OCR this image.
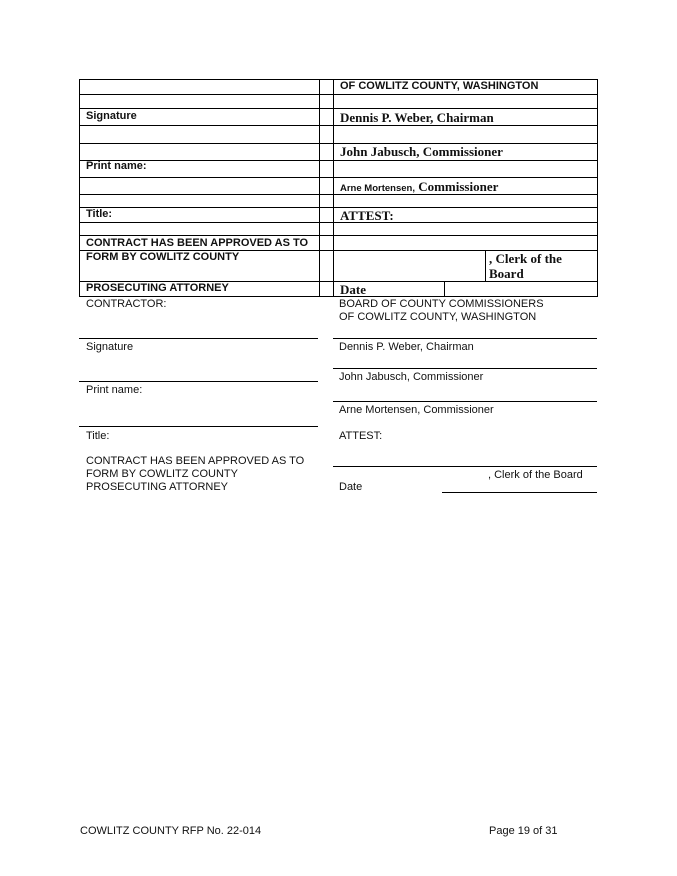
OF COWLITZ COUNTY, WASHINGTON
Signature	Dennis P. Weber, Chairman
John Jabusch, Commissioner
Print name:
Arne Mortensen, Commissioner
Title:	ATTEST:
CONTRACT HAS BEEN APPROVED AS TO
FORM BY COWLITZ COUNTY	, Clerk of the
Board
PROSECUTING ATTORNEY	Date
CONTRACTOR:	BOARD OF COUNTY COMMISSIONERS
OF COWLITZ COUNTY, WASHINGTON
Signature	Dennis P. Weber, Chairman
John Jabusch, Commissioner
Print name:
Arne Mortensen, Commissioner
Title:	ATTEST:
CONTRACT HAS BEEN APPROVED AS TO
FORM BY COWLITZ COUNTY
PROSECUTING ATTORNEY
, Clerk of the Board
Date
COWLITZ COUNTY RFP No. 22-014	Page 19 of 31
